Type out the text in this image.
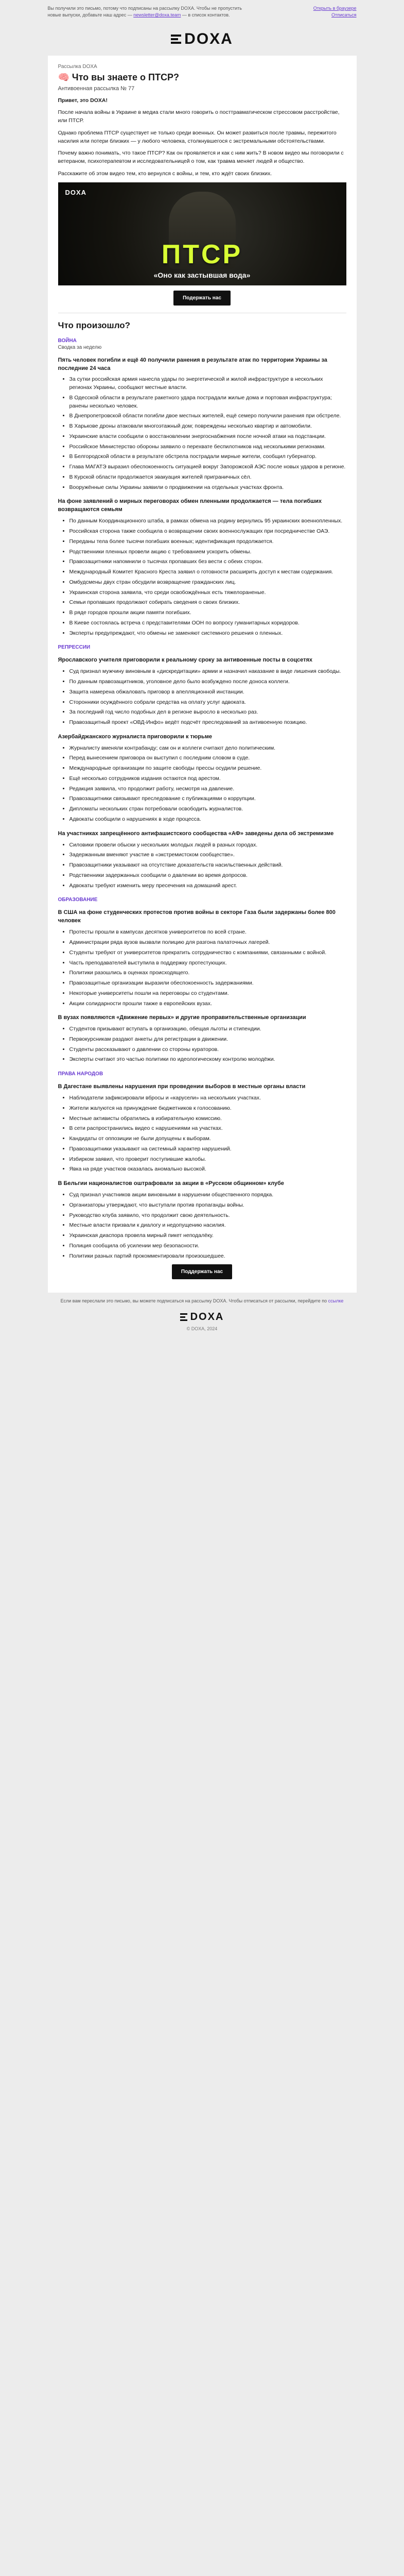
Вы получили это письмо, потому что подписаны на рассылку DOXA. Чтобы не пропустить новые выпуски, добавьте наш адрес — newsletter@doxa.team — в список контактов.
Открыть в браузере
Отписаться
DOXA
Рассылка DOXA
🧠 Что вы знаете о ПТСР?
Антивоенная рассылка № 77

Привет, это DOXA!

После начала войны в Украине в медиа стали много говорить о посттравматическом стрессовом расстройстве, или ПТСР.

Однако проблема ПТСР существует не только среди военных. Он может развиться после травмы, пережитого насилия или потери близких — у любого человека, столкнувшегося с экстремальными обстоятельствами.

Почему важно понимать, что такое ПТСР? Как он проявляется и как с ним жить? В новом видео мы поговорили с ветераном, психотерапевтом и исследовательницей о том, как травма меняет людей и общество.

Расскажите об этом видео тем, кто вернулся с войны, и тем, кто ждёт своих близких.

DOXA
ПТСР
«Оно как застывшая вода»
Подержать нас
Что произошло?
ВОЙНА
Сводка за неделю
Пять человек погибли и ещё 40 получили ранения в результате атак по территории Украины за последние 24 часа
• За сутки российская армия нанесла удары по энергетической и жилой инфраструктуре в нескольких регионах Украины, сообщают местные власти.
• В Одесской области в результате ракетного удара пострадали жилые дома и портовая инфраструктура; ранены несколько человек.
• В Днепропетровской области погибли двое местных жителей, ещё семеро получили ранения при обстреле.
• В Харькове дроны атаковали многоэтажный дом; повреждены несколько квартир и автомобили.
• Украинские власти сообщили о восстановлении энергоснабжения после ночной атаки на подстанции.
• Российское Министерство обороны заявило о перехвате беспилотников над несколькими регионами.
• В Белгородской области в результате обстрела пострадали мирные жители, сообщил губернатор.
• Глава МАГАТЭ выразил обеспокоенность ситуацией вокруг Запорожской АЭС после новых ударов в регионе.
• В Курской области продолжается эвакуация жителей приграничных сёл.
• Вооружённые силы Украины заявили о продвижении на отдельных участках фронта.
На фоне заявлений о мирных переговорах обмен пленными продолжается — тела погибших возвращаются семьям
• По данным Координационного штаба, в рамках обмена на родину вернулись 95 украинских военнопленных.
• Российская сторона также сообщила о возвращении своих военнослужащих при посредничестве ОАЭ.
• Переданы тела более тысячи погибших военных; идентификация продолжается.
• Родственники пленных провели акцию с требованием ускорить обмены.
• Правозащитники напомнили о тысячах пропавших без вести с обеих сторон.
• Международный Комитет Красного Креста заявил о готовности расширить доступ к местам содержания.
• Омбудсмены двух стран обсудили возвращение гражданских лиц.
• Украинская сторона заявила, что среди освобождённых есть тяжелораненые.
• Семьи пропавших продолжают собирать сведения о своих близких.
• В ряде городов прошли акции памяти погибших.
• В Киеве состоялась встреча с представителями ООН по вопросу гуманитарных коридоров.
• Эксперты предупреждают, что обмены не заменяют системного решения о пленных.
РЕПРЕССИИ
Ярославского учителя приговорили к реальному сроку за антивоенные посты в соцсетях
• Суд признал мужчину виновным в «дискредитации» армии и назначил наказание в виде лишения свободы.
• По данным правозащитников, уголовное дело было возбуждено после доноса коллеги.
• Защита намерена обжаловать приговор в апелляционной инстанции.
• Сторонники осуждённого собрали средства на оплату услуг адвоката.
• За последний год число подобных дел в регионе выросло в несколько раз.
• Правозащитный проект «ОВД-Инфо» ведёт подсчёт преследований за антивоенную позицию.
Азербайджанского журналиста приговорили к тюрьме
• Журналисту вменяли контрабанду; сам он и коллеги считают дело политическим.
• Перед вынесением приговора он выступил с последним словом в суде.
• Международные организации по защите свободы прессы осудили решение.
• Ещё несколько сотрудников издания остаются под арестом.
• Редакция заявила, что продолжит работу, несмотря на давление.
• Правозащитники связывают преследование с публикациями о коррупции.
• Дипломаты нескольких стран потребовали освободить журналистов.
• Адвокаты сообщили о нарушениях в ходе процесса.
На участниках запрещённого антифашистского сообщества «АФ» заведены дела об экстремизме
• Силовики провели обыски у нескольких молодых людей в разных городах.
• Задержанным вменяют участие в «экстремистском сообществе».
• Правозащитники указывают на отсутствие доказательств насильственных действий.
• Родственники задержанных сообщили о давлении во время допросов.
• Адвокаты требуют изменить меру пресечения на домашний арест.
ОБРАЗОВАНИЕ
В США на фоне студенческих протестов против войны в секторе Газа были задержаны более 800 человек
• Протесты прошли в кампусах десятков университетов по всей стране.
• Администрации ряда вузов вызвали полицию для разгона палаточных лагерей.
• Студенты требуют от университетов прекратить сотрудничество с компаниями, связанными с войной.
• Часть преподавателей выступила в поддержку протестующих.
• Политики разошлись в оценках происходящего.
• Правозащитные организации выразили обеспокоенность задержаниями.
• Некоторые университеты пошли на переговоры со студентами.
• Акции солидарности прошли также в европейских вузах.
В вузах появляются «Движение первых» и другие проправительственные организации
• Студентов призывают вступать в организацию, обещая льготы и стипендии.
• Первокурсникам раздают анкеты для регистрации в движении.
• Студенты рассказывают о давлении со стороны кураторов.
• Эксперты считают это частью политики по идеологическому контролю молодёжи.
ПРАВА НАРОДОВ
В Дагестане выявлены нарушения при проведении выборов в местные органы власти
• Наблюдатели зафиксировали вбросы и «карусели» на нескольких участках.
• Жители жалуются на принуждение бюджетников к голосованию.
• Местные активисты обратились в избирательную комиссию.
• В сети распространились видео с нарушениями на участках.
• Кандидаты от оппозиции не были допущены к выборам.
• Правозащитники указывают на системный характер нарушений.
• Избирком заявил, что проверит поступившие жалобы.
• Явка на ряде участков оказалась аномально высокой.
В Бельгии националистов оштрафовали за акции в «Русском общинном» клубе
• Суд признал участников акции виновными в нарушении общественного порядка.
• Организаторы утверждают, что выступали против пропаганды войны.
• Руководство клуба заявило, что продолжит свою деятельность.
• Местные власти призвали к диалогу и недопущению насилия.
• Украинская диаспора провела мирный пикет неподалёку.
• Полиция сообщила об усилении мер безопасности.
• Политики разных партий прокомментировали произошедшее.
Поддержать нас
Если вам переслали это письмо, вы можете подписаться на рассылку DOXA. Чтобы отписаться от рассылки, перейдите по ссылке
DOXA
© DOXA, 2024
